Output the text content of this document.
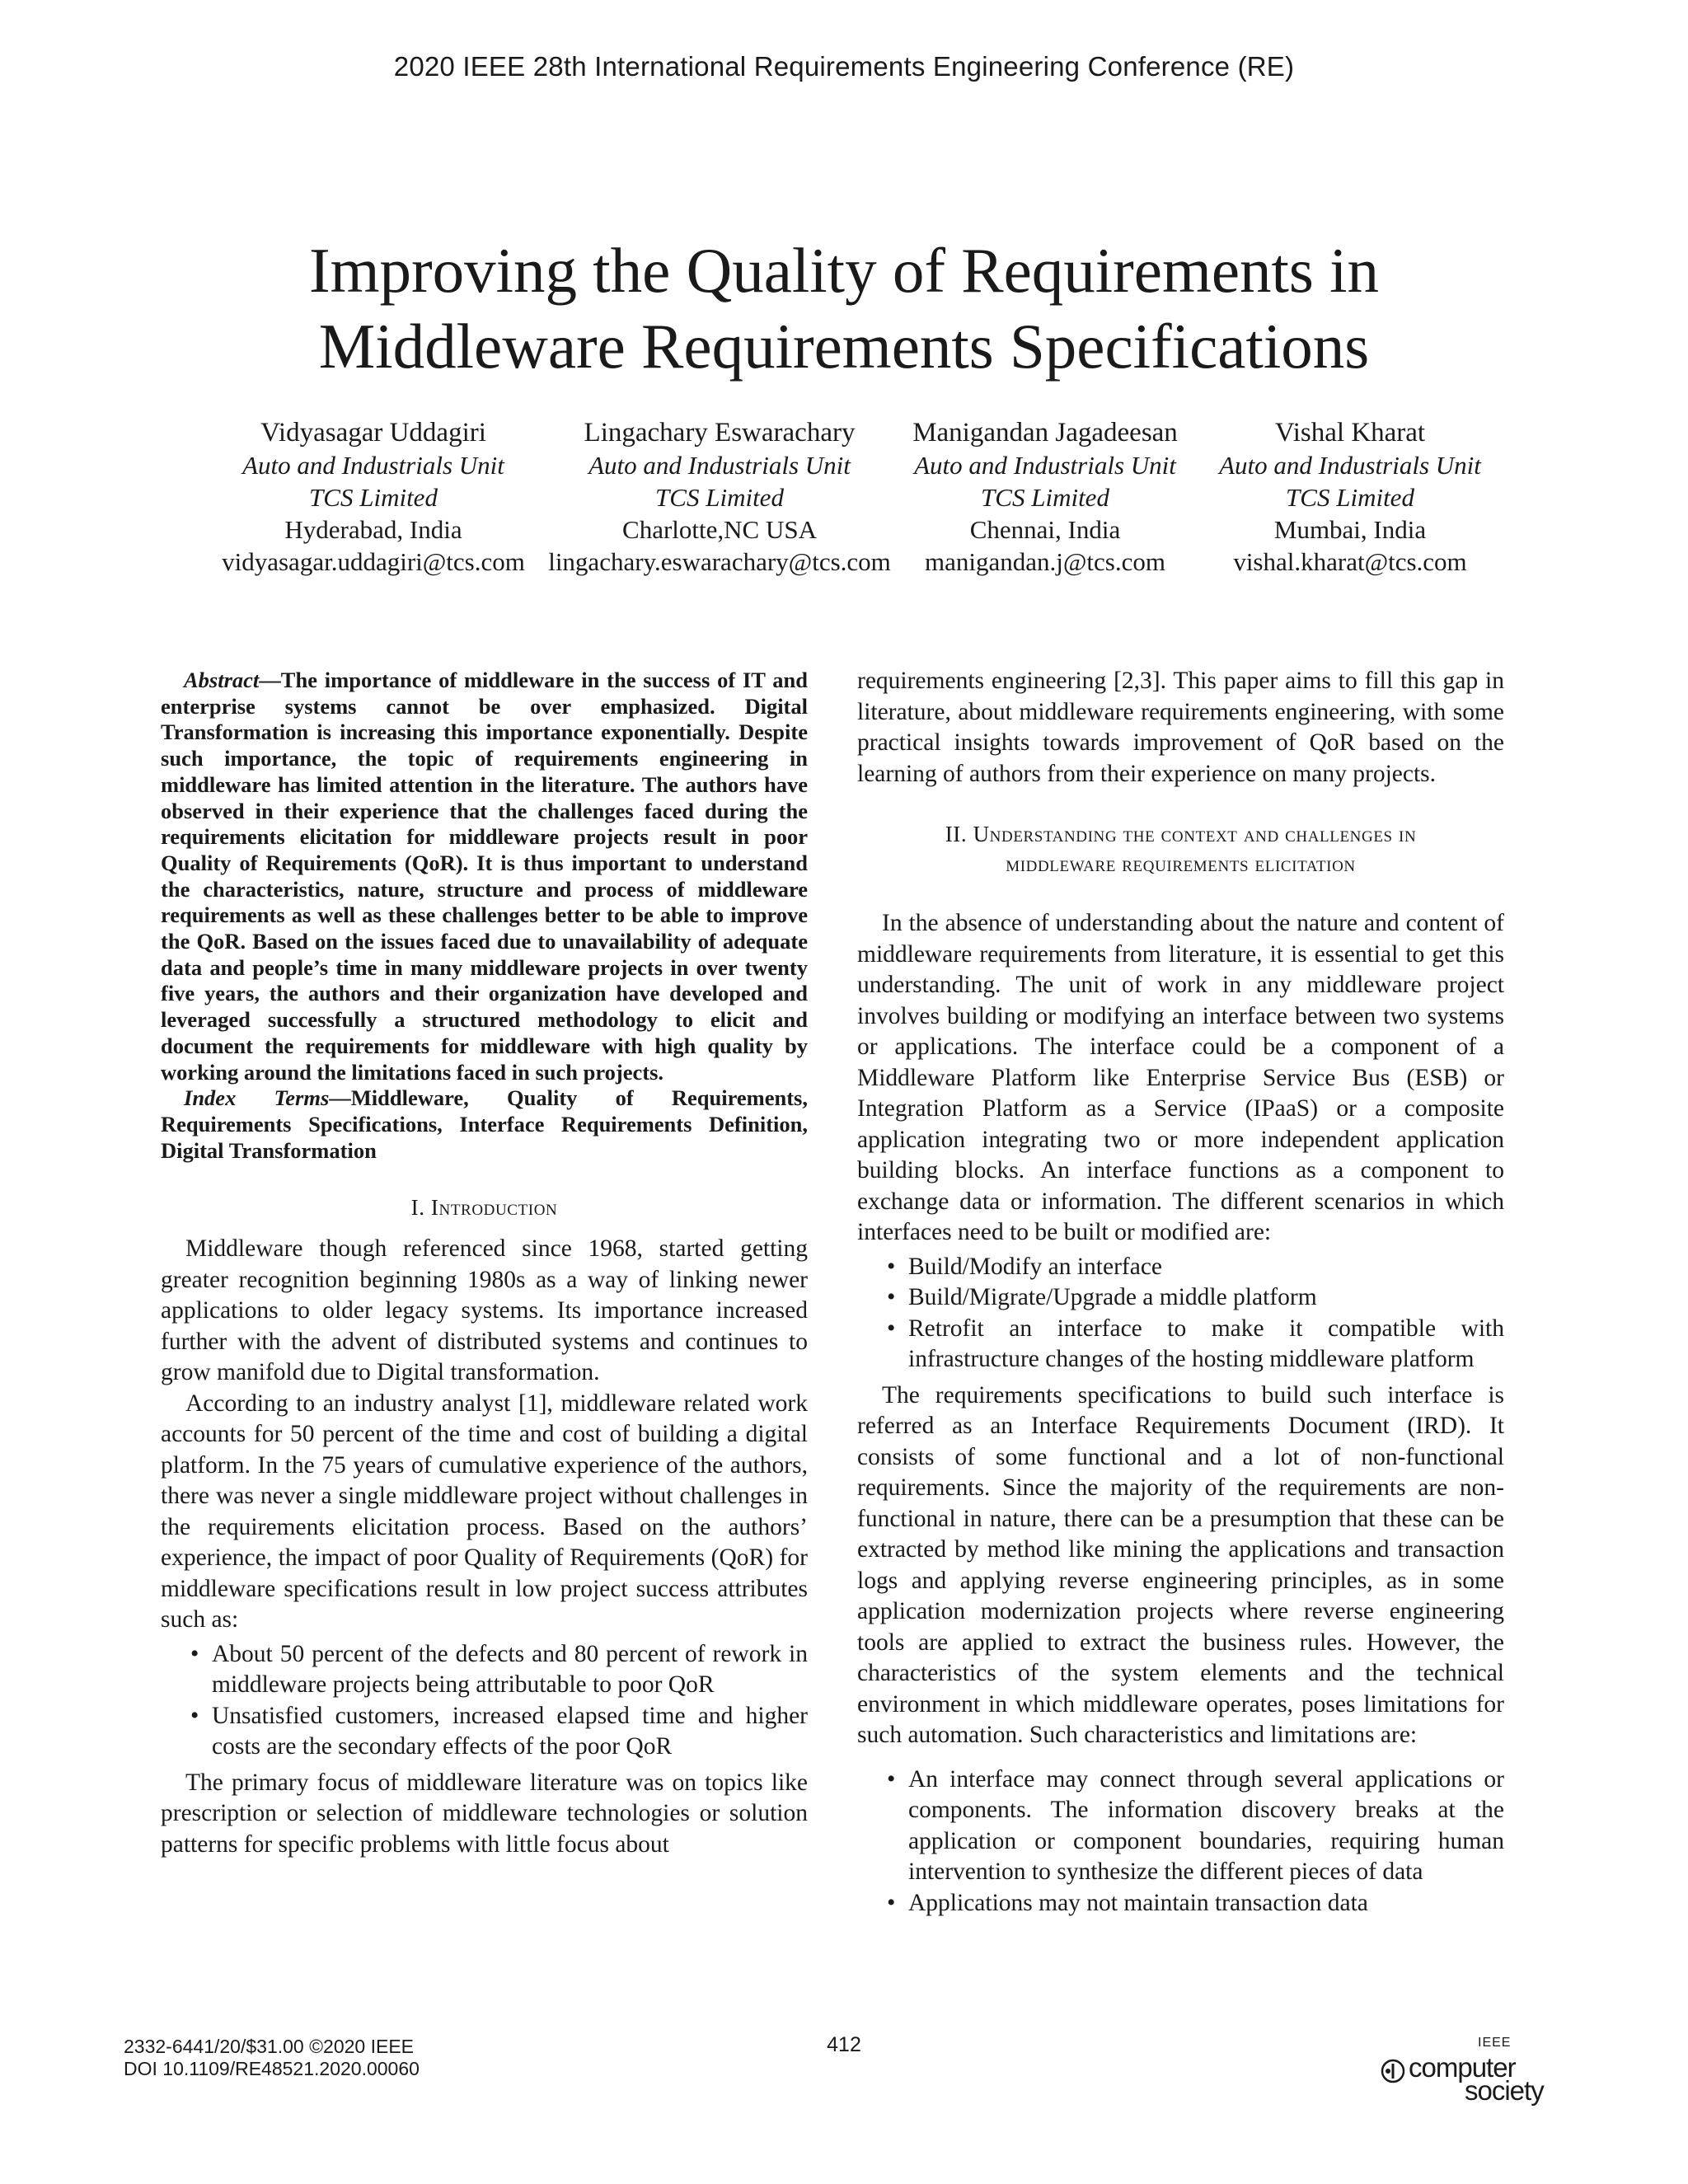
2020 IEEE 28th International Requirements Engineering Conference (RE)
Improving the Quality of Requirements in
Middleware Requirements Specifications
Vidyasagar Uddagiri
Auto and Industrials Unit
TCS Limited
Hyderabad, India
vidyasagar.uddagiri@tcs.com
Lingachary Eswarachary
Auto and Industrials Unit
TCS Limited
Charlotte,NC USA
lingachary.eswarachary@tcs.com
Manigandan Jagadeesan
Auto and Industrials Unit
TCS Limited
Chennai, India
manigandan.j@tcs.com
Vishal Kharat
Auto and Industrials Unit
TCS Limited
Mumbai, India
vishal.kharat@tcs.com

Abstract—The importance of middleware in the success of IT and enterprise systems cannot be over emphasized. Digital Transformation is increasing this importance exponentially. Despite such importance, the topic of requirements engineering in middleware has limited attention in the literature. The authors have observed in their experience that the challenges faced during the requirements elicitation for middleware projects result in poor Quality of Requirements (QoR). It is thus important to understand the characteristics, nature, structure and process of middleware requirements as well as these challenges better to be able to improve the QoR. Based on the issues faced due to unavailability of adequate data and people’s time in many middleware projects in over twenty five years, the authors and their organization have developed and leveraged successfully a structured methodology to elicit and document the requirements for middleware with high quality by working around the limitations faced in such projects.

Index Terms—Middleware, Quality of Requirements, Requirements Specifications, Interface Requirements Definition, Digital Transformation

I. Introduction

Middleware though referenced since 1968, started getting greater recognition beginning 1980s as a way of linking newer applications to older legacy systems. Its importance increased further with the advent of distributed systems and continues to grow manifold due to Digital transformation.

According to an industry analyst [1], middleware related work accounts for 50 percent of the time and cost of building a digital platform. In the 75 years of cumulative experience of the authors, there was never a single middleware project without challenges in the requirements elicitation process. Based on the authors’ experience, the impact of poor Quality of Requirements (QoR) for middleware specifications result in low project success attributes such as:

• About 50 percent of the defects and 80 percent of rework in middleware projects being attributable to poor QoR
• Unsatisfied customers, increased elapsed time and higher costs are the secondary effects of the poor QoR

The primary focus of middleware literature was on topics like prescription or selection of middleware technologies or solution patterns for specific problems with little focus about

requirements engineering [2,3]. This paper aims to fill this gap in literature, about middleware requirements engineering, with some practical insights towards improvement of QoR based on the learning of authors from their experience on many projects.

II. Understanding the context and challenges in
middleware requirements elicitation

In the absence of understanding about the nature and content of middleware requirements from literature, it is essential to get this understanding. The unit of work in any middleware project involves building or modifying an interface between two systems or applications. The interface could be a component of a Middleware Platform like Enterprise Service Bus (ESB) or Integration Platform as a Service (IPaaS) or a composite application integrating two or more independent application building blocks. An interface functions as a component to exchange data or information. The different scenarios in which interfaces need to be built or modified are:

• Build/Modify an interface
• Build/Migrate/Upgrade a middle platform
• Retrofit an interface to make it compatible with infrastructure changes of the hosting middleware platform

The requirements specifications to build such interface is referred as an Interface Requirements Document (IRD). It consists of some functional and a lot of non-functional requirements. Since the majority of the requirements are non-functional in nature, there can be a presumption that these can be extracted by method like mining the applications and transaction logs and applying reverse engineering principles, as in some application modernization projects where reverse engineering tools are applied to extract the business rules. However, the characteristics of the system elements and the technical environment in which middleware operates, poses limitations for such automation. Such characteristics and limitations are:

• An interface may connect through several applications or components. The information discovery breaks at the application or component boundaries, requiring human intervention to synthesize the different pieces of data
• Applications may not maintain transaction data
2332-6441/20/$31.00 ©2020 IEEE
DOI 10.1109/RE48521.2020.00060
412	IEEE
computer
society
